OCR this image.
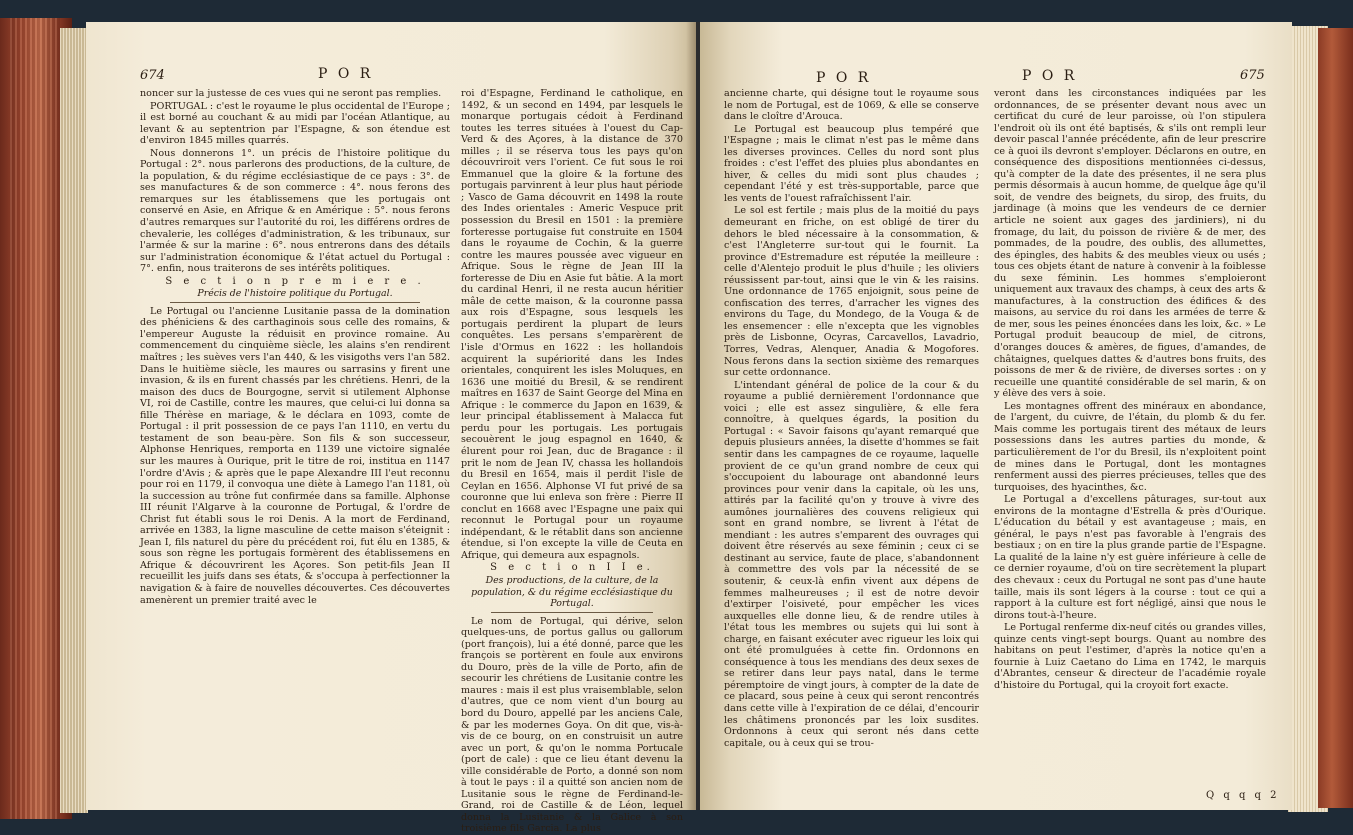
674	P O R

noncer sur la justesse de ces vues qui ne seront pas remplies.

PORTUGAL : c'est le royaume le plus occidental de l'Europe ; il est borné au couchant & au midi par l'océan Atlantique, au levant & au septentrion par l'Espagne, & son étendue est d'environ 1845 milles quarrés.

Nous donnerons 1°. un précis de l'histoire politique du Portugal : 2°. nous parlerons des productions, de la culture, de la population, & du régime ecclésiastique de ce pays : 3°. de ses manufactures & de son commerce : 4°. nous ferons des remarques sur les établissemens que les portugais ont conservé en Asie, en Afrique & en Amérique : 5°. nous ferons d'autres remarques sur l'autorité du roi, les différens ordres de chevalerie, les colléges d'administration, & les tribunaux, sur l'armée & sur la marine : 6°. nous entrerons dans des détails sur l'administration économique & l'état actuel du Portugal : 7°. enfin, nous traiterons de ses intérêts politiques.

S e c t i o n p r e m i e r e .

Précis de l'histoire politique du Portugal.

Le Portugal ou l'ancienne Lusitanie passa de la domination des phéniciens & des carthaginois sous celle des romains, & l'empereur Auguste la réduisit en province romaine. Au commencement du cinquième siècle, les alains s'en rendirent maîtres ; les suèves vers l'an 440, & les visigoths vers l'an 582. Dans le huitième siècle, les maures ou sarrasins y firent une invasion, & ils en furent chassés par les chrétiens. Henri, de la maison des ducs de Bourgogne, servit si utilement Alphonse VI, roi de Castille, contre les maures, que celui-ci lui donna sa fille Thérèse en mariage, & le déclara en 1093, comte de Portugal : il prit possession de ce pays l'an 1110, en vertu du testament de son beau-père. Son fils & son successeur, Alphonse Henriques, remporta en 1139 une victoire signalée sur les maures à Ourique, prit le titre de roi, institua en 1147 l'ordre d'Avis ; & après que le pape Alexandre III l'eut reconnu pour roi en 1179, il convoqua une diète à Lamego l'an 1181, où la succession au trône fut confirmée dans sa famille. Alphonse III réunit l'Algarve à la couronne de Portugal, & l'ordre de Christ fut établi sous le roi Denis. A la mort de Ferdinand, arrivée en 1383, la ligne masculine de cette maison s'éteignit : Jean I, fils naturel du père du précédent roi, fut élu en 1385, & sous son règne les portugais formèrent des établissemens en Afrique & découvrirent les Açores. Son petit-fils Jean II recueillit les juifs dans ses états, & s'occupa à perfectionner la navigation & à faire de nouvelles découvertes. Ces découvertes amenèrent un premier traité avec le

roi d'Espagne, Ferdinand le catholique, en 1492, & un second en 1494, par lesquels le monarque portugais cédoit à Ferdinand toutes les terres situées à l'ouest du Cap-Verd & des Açores, à la distance de 370 milles ; il se réserva tous les pays qu'on découvriroit vers l'orient. Ce fut sous le roi Emmanuel que la gloire & la fortune des portugais parvinrent à leur plus haut période ; Vasco de Gama découvrit en 1498 la route des Indes orientales : Americ Vespuce prit possession du Bresil en 1501 : la première forteresse portugaise fut construite en 1504 dans le royaume de Cochin, & la guerre contre les maures poussée avec vigueur en Afrique. Sous le règne de Jean III la forteresse de Diu en Asie fut bâtie. A la mort du cardinal Henri, il ne resta aucun héritier mâle de cette maison, & la couronne passa aux rois d'Espagne, sous lesquels les portugais perdirent la plupart de leurs conquêtes. Les persans s'emparèrent de l'isle d'Ormus en 1622 : les hollandois acquirent la supériorité dans les Indes orientales, conquirent les isles Moluques, en 1636 une moitié du Bresil, & se rendirent maîtres en 1637 de Saint George del Mina en Afrique : le commerce du Japon en 1639, & leur principal établissement à Malacca fut perdu pour les portugais. Les portugais secouèrent le joug espagnol en 1640, & élurent pour roi Jean, duc de Bragance : il prit le nom de Jean IV, chassa les hollandois du Bresil en 1654, mais il perdit l'isle de Ceylan en 1656. Alphonse VI fut privé de sa couronne que lui enleva son frère : Pierre II conclut en 1668 avec l'Espagne une paix qui reconnut le Portugal pour un royaume indépendant, & le rétablit dans son ancienne étendue, si l'on excepte la ville de Ceuta en Afrique, qui demeura aux espagnols.

S e c t i o n I I e.

Des productions, de la culture, de la population, & du régime ecclésiastique du Portugal.

Le nom de Portugal, qui dérive, selon quelques-uns, de portus gallus ou gallorum (port françois), lui a été donné, parce que les françois se portèrent en foule aux environs du Douro, près de la ville de Porto, afin de secourir les chrétiens de Lusitanie contre les maures : mais il est plus vraisemblable, selon d'autres, que ce nom vient d'un bourg au bord du Douro, appellé par les anciens Cale, & par les modernes Goya. On dit que, vis-à-vis de ce bourg, on en construisit un autre avec un port, & qu'on le nomma Portucale (port de cale) : que ce lieu étant devenu la ville considérable de Porto, a donné son nom à tout le pays : il a quitté son ancien nom de Lusitanie sous le règne de Ferdinand-le-Grand, roi de Castille & de Léon, lequel donna la Lusitanie & la Galice à son troisième fils Garcia. La plus

P O R	P O R	675

ancienne charte, qui désigne tout le royaume sous le nom de Portugal, est de 1069, & elle se conserve dans le cloître d'Arouca.

Le Portugal est beaucoup plus tempéré que l'Espagne ; mais le climat n'est pas le même dans les diverses provinces. Celles du nord sont plus froides : c'est l'effet des pluies plus abondantes en hiver, & celles du midi sont plus chaudes ; cependant l'été y est très-supportable, parce que les vents de l'ouest rafraîchissent l'air.

Le sol est fertile ; mais plus de la moitié du pays demeurant en friche, on est obligé de tirer du dehors le bled nécessaire à la consommation, & c'est l'Angleterre sur-tout qui le fournit. La province d'Estremadure est réputée la meilleure : celle d'Alentejo produit le plus d'huile ; les oliviers réussissent par-tout, ainsi que le vin & les raisins. Une ordonnance de 1765 enjoignit, sous peine de confiscation des terres, d'arracher les vignes des environs du Tage, du Mondego, de la Vouga & de les ensemencer : elle n'excepta que les vignobles près de Lisbonne, Ocyras, Carcavellos, Lavadrio, Torres, Vedras, Alenquer, Anadia & Mogofores. Nous ferons dans la section sixième des remarques sur cette ordonnance.

L'intendant général de police de la cour & du royaume a publié dernièrement l'ordonnance que voici ; elle est assez singulière, & elle fera connoître, à quelques égards, la position du Portugal : « Savoir faisons qu'ayant remarqué que depuis plusieurs années, la disette d'hommes se fait sentir dans les campagnes de ce royaume, laquelle provient de ce qu'un grand nombre de ceux qui s'occupoient du labourage ont abandonné leurs provinces pour venir dans la capitale, où les uns, attirés par la facilité qu'on y trouve à vivre des aumônes journalières des couvens religieux qui sont en grand nombre, se livrent à l'état de mendiant : les autres s'emparent des ouvrages qui doivent être réservés au sexe féminin ; ceux ci se destinant au service, faute de place, s'abandonnent à commettre des vols par la nécessité de se soutenir, & ceux-là enfin vivent aux dépens de femmes malheureuses ; il est de notre devoir d'extirper l'oisiveté, pour empêcher les vices auxquelles elle donne lieu, & de rendre utiles à l'état tous les membres ou sujets qui lui sont à charge, en faisant exécuter avec rigueur les loix qui ont été promulguées à cette fin. Ordonnons en conséquence à tous les mendians des deux sexes de se retirer dans leur pays natal, dans le terme péremptoire de vingt jours, à compter de la date de ce placard, sous peine à ceux qui seront rencontrés dans cette ville à l'expiration de ce délai, d'encourir les châtimens prononcés par les loix susdites. Ordonnons à ceux qui seront nés dans cette capitale, ou à ceux qui se trou-

veront dans les circonstances indiquées par les ordonnances, de se présenter devant nous avec un certificat du curé de leur paroisse, où l'on stipulera l'endroit où ils ont été baptisés, & s'ils ont rempli leur devoir pascal l'année précédente, afin de leur prescrire ce à quoi ils devront s'employer. Déclarons en outre, en conséquence des dispositions mentionnées ci-dessus, qu'à compter de la date des présentes, il ne sera plus permis désormais à aucun homme, de quelque âge qu'il soit, de vendre des beignets, du sirop, des fruits, du jardinage (à moins que les vendeurs de ce dernier article ne soient aux gages des jardiniers), ni du fromage, du lait, du poisson de rivière & de mer, des pommades, de la poudre, des oublis, des allumettes, des épingles, des habits & des meubles vieux ou usés ; tous ces objets étant de nature à convenir à la foiblesse du sexe féminin. Les hommes s'emploieront uniquement aux travaux des champs, à ceux des arts & manufactures, à la construction des édifices & des maisons, au service du roi dans les armées de terre & de mer, sous les peines énoncées dans les loix, &c. » Le Portugal produit beaucoup de miel, de citrons, d'oranges douces & amères, de figues, d'amandes, de châtaignes, quelques dattes & d'autres bons fruits, des poissons de mer & de rivière, de diverses sortes : on y recueille une quantité considérable de sel marin, & on y élève des vers à soie.

Les montagnes offrent des minéraux en abondance, de l'argent, du cuivre, de l'étain, du plomb & du fer. Mais comme les portugais tirent des métaux de leurs possessions dans les autres parties du monde, & particulièrement de l'or du Bresil, ils n'exploitent point de mines dans le Portugal, dont les montagnes renferment aussi des pierres précieuses, telles que des turquoises, des hyacinthes, &c.

Le Portugal a d'excellens pâturages, sur-tout aux environs de la montagne d'Estrella & près d'Ourique. L'éducation du bétail y est avantageuse ; mais, en général, le pays n'est pas favorable à l'engrais des bestiaux ; on en tire la plus grande partie de l'Espagne. La qualité de la laine n'y est guère inférieure à celle de ce dernier royaume, d'où on tire secrètement la plupart des chevaux : ceux du Portugal ne sont pas d'une haute taille, mais ils sont légers à la course : tout ce qui a rapport à la culture est fort négligé, ainsi que nous le dirons tout-à-l'heure.

Le Portugal renferme dix-neuf cités ou grandes villes, quinze cents vingt-sept bourgs. Quant au nombre des habitans on peut l'estimer, d'après la notice qu'en a fournie à Luiz Caetano do Lima en 1742, le marquis d'Abrantes, censeur & directeur de l'académie royale d'histoire du Portugal, qui la croyoit fort exacte.

Q q q q 2
